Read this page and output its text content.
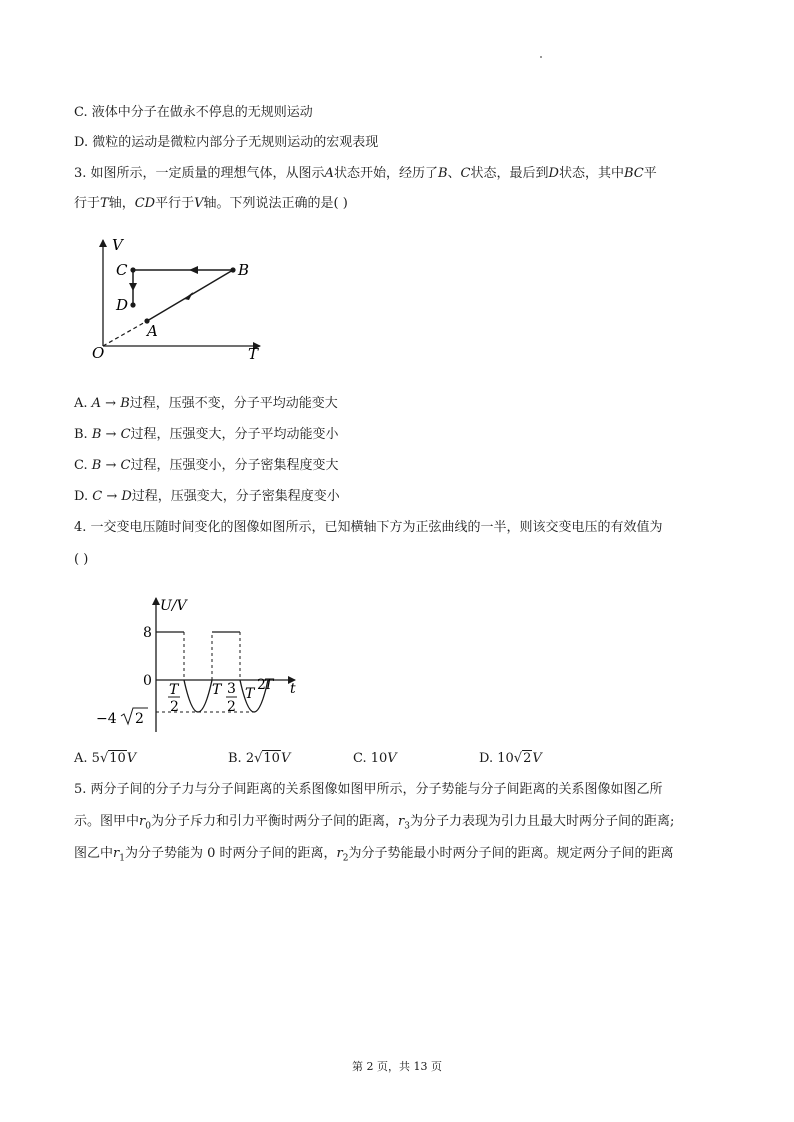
C. 液体中分子在做永不停息的无规则运动
D. 微粒的运动是微粒内部分子无规则运动的宏观表现
3. 如图所示，一定质量的理想气体，从图示A状态开始，经历了B、C状态，最后到D状态，其中BC平
行于T轴，CD平行于V轴。下列说法正确的是( )
V
T
O
A
B
C
D
A. A → B过程，压强不变，分子平均动能变大
B. B → C过程，压强变大，分子平均动能变小
C. B → C过程，压强变小，分子密集程度变大
D. C → D过程，压强变大，分子密集程度变小
4. 一交变电压随时间变化的图像如图所示，已知横轴下方为正弦曲线的一半，则该交变电压的有效值为
( )
U/V
t
8
0
−4 2
T
2
T 3
2
T
2
T
A. 5√10V	B. 2√10V	C. 10V	D. 10√2V
5. 两分子间的分子力与分子间距离的关系图像如图甲所示，分子势能与分子间距离的关系图像如图乙所
示。图甲中$r_0$为分子斥力和引力平衡时两分子间的距离，$r_3$为分子力表现为引力且最大时两分子间的距离;
图乙中$r_1$为分子势能为 0 时两分子间的距离，$r_2$为分子势能最小时两分子间的距离。规定两分子间的距离
第 2 页，共 13 页
